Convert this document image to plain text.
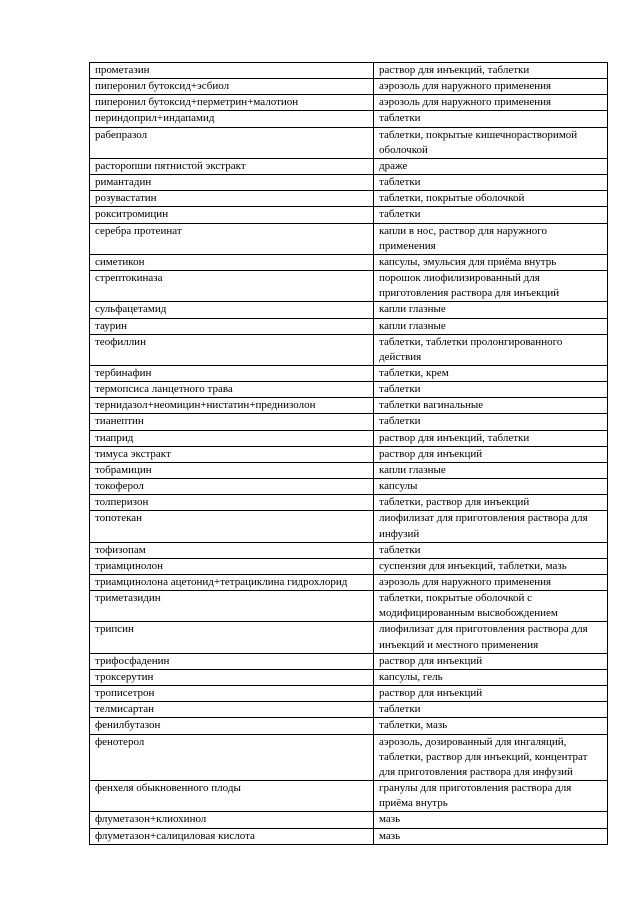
прометазин	раствор для инъекций, таблетки
пиперонил бутоксид+эсбиол	аэрозоль для наружного применения
пиперонил бутоксид+перметрин+малотион	аэрозоль для наружного применения
периндоприл+индапамид	таблетки
рабепразол	таблетки, покрытые кишечнорастворимой оболочкой
расторопши пятнистой экстракт	драже
римантадин	таблетки
розувастатин	таблетки, покрытые оболочкой
рокситромицин	таблетки
серебра протеинат	капли в нос, раствор для наружного применения
симетикон	капсулы, эмульсия для приёма внутрь
стрептокиназа	порошок лиофилизированный для приготовления раствора для инъекций
сульфацетамид	капли глазные
таурин	капли глазные
теофиллин	таблетки, таблетки пролонгированного действия
тербинафин	таблетки, крем
термопсиса ланцетного трава	таблетки
тернидазол+неомицин+нистатин+преднизолон	таблетки вагинальные
тианептин	таблетки
тиаприд	раствор для инъекций, таблетки
тимуса экстракт	раствор для инъекций
тобрамицин	капли глазные
токоферол	капсулы
толперизон	таблетки, раствор для инъекций
топотекан	лиофилизат для приготовления раствора для инфузий
тофизопам	таблетки
триамцинолон	суспензия для инъекций, таблетки, мазь
триамцинолона ацетонид+тетрациклина гидрохлорид	аэрозоль для наружного применения
триметазидин	таблетки, покрытые оболочкой с модифицированным высвобождением
трипсин	лиофилизат для приготовления раствора для инъекций и местного применения
трифосфаденин	раствор для инъекций
троксерутин	капсулы, гель
трописетрон	раствор для инъекций
телмисартан	таблетки
фенилбутазон	таблетки, мазь
фенотерол	аэрозоль, дозированный для ингаляций, таблетки, раствор для инъекций, концентрат для приготовления раствора для инфузий
фенхеля обыкновенного плоды	гранулы для приготовления раствора для приёма внутрь
флуметазон+клиохинол	мазь
флуметазон+салициловая кислота	мазь
